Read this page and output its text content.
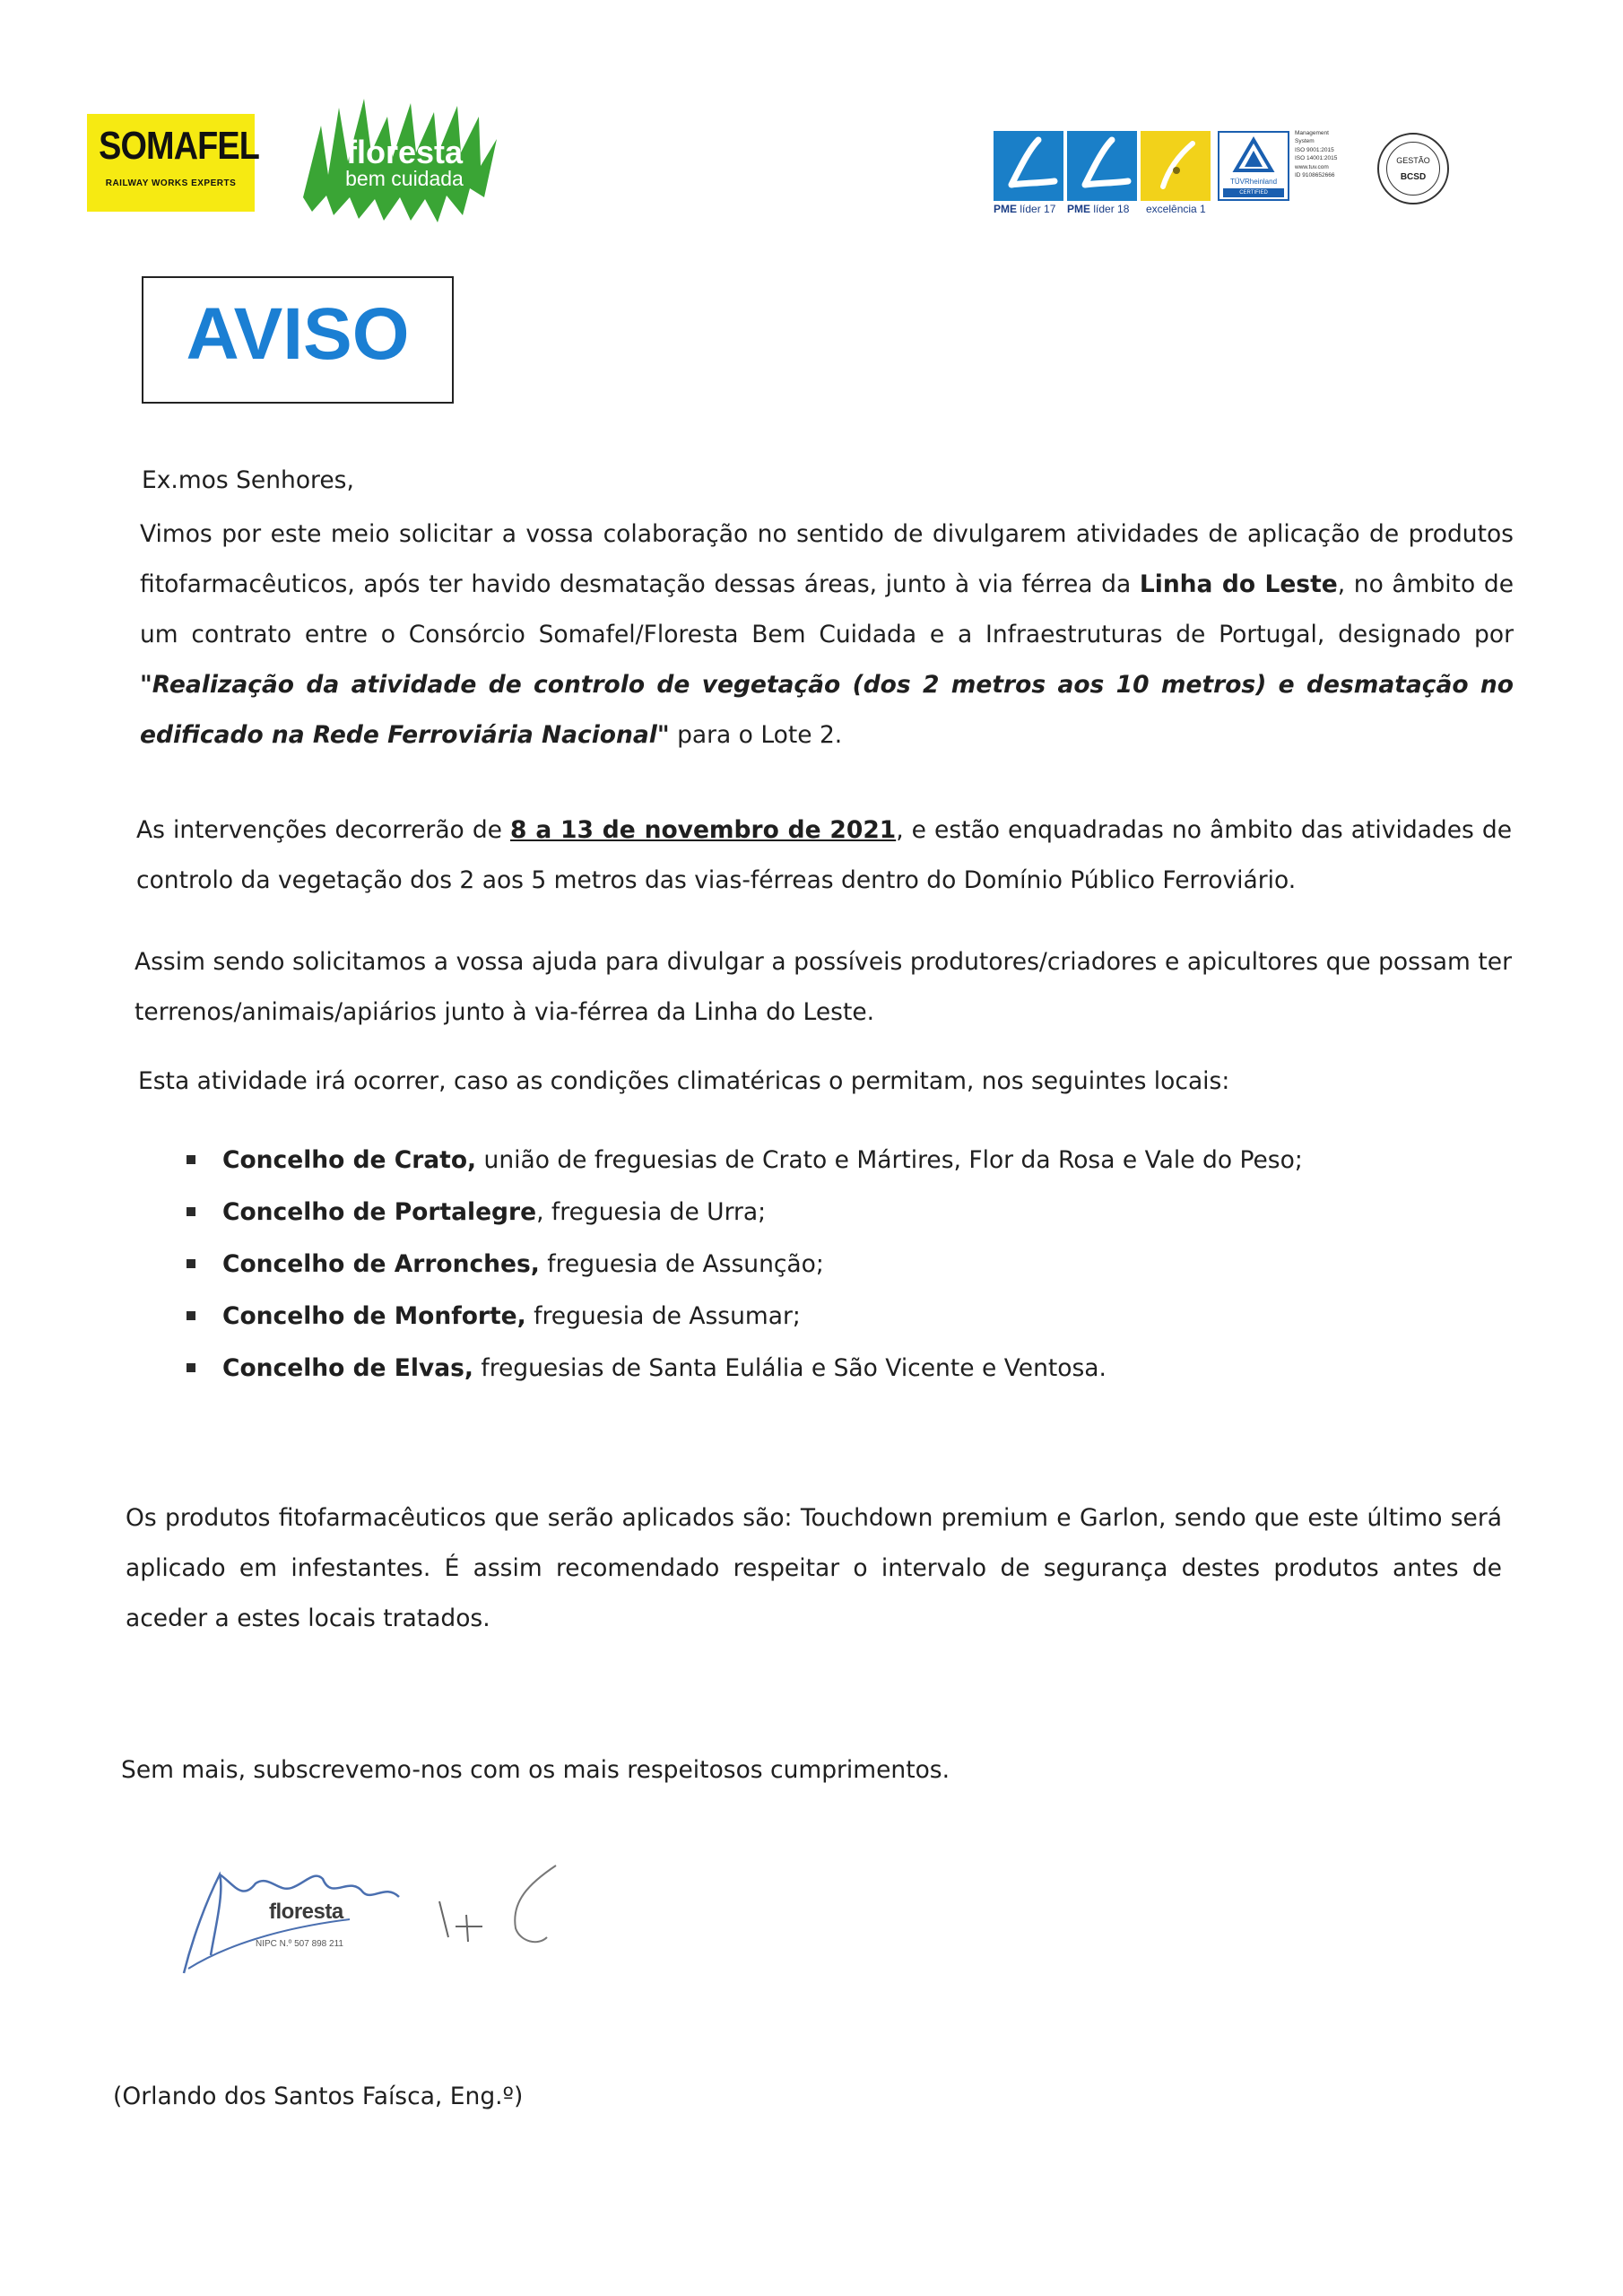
SOMAFEL
RAILWAY WORKS EXPERTS
floresta
bem cuidada
PME líder 17 PME líder 18 excelência 1
TÜVRheinland
CERTIFIED
Management
System
ISO 9001:2015
ISO 14001:2015
www.tuv.com
ID 9108652666
GESTÃO
BCSD
AVISO
Ex.mos Senhores,
Vimos por este meio solicitar a vossa colaboração no sentido de divulgarem atividades de aplicação de produtos fitofarmacêuticos, após ter havido desmatação dessas áreas, junto à via férrea da Linha do Leste, no âmbito de um contrato entre o Consórcio Somafel/Floresta Bem Cuidada e a Infraestruturas de Portugal, designado por "Realização da atividade de controlo de vegetação (dos 2 metros aos 10 metros) e desmatação no edificado na Rede Ferroviária Nacional" para o Lote 2.
As intervenções decorrerão de 8 a 13 de novembro de 2021, e estão enquadradas no âmbito das atividades de controlo da vegetação dos 2 aos 5 metros das vias-férreas dentro do Domínio Público Ferroviário.
Assim sendo solicitamos a vossa ajuda para divulgar a possíveis produtores/criadores e apicultores que possam ter terrenos/animais/apiários junto à via-férrea da Linha do Leste.
Esta atividade irá ocorrer, caso as condições climatéricas o permitam, nos seguintes locais:
Concelho de Crato, união de freguesias de Crato e Mártires, Flor da Rosa e Vale do Peso;
Concelho de Portalegre, freguesia de Urra;
Concelho de Arronches, freguesia de Assunção;
Concelho de Monforte, freguesia de Assumar;
Concelho de Elvas, freguesias de Santa Eulália e São Vicente e Ventosa.
Os produtos fitofarmacêuticos que serão aplicados são: Touchdown premium e Garlon, sendo que este último será aplicado em infestantes. É assim recomendado respeitar o intervalo de segurança destes produtos antes de aceder a estes locais tratados.
Sem mais, subscrevemo-nos com os mais respeitosos cumprimentos.
floresta
NIPC N.º 507 898 211
(Orlando dos Santos Faísca, Eng.º)
